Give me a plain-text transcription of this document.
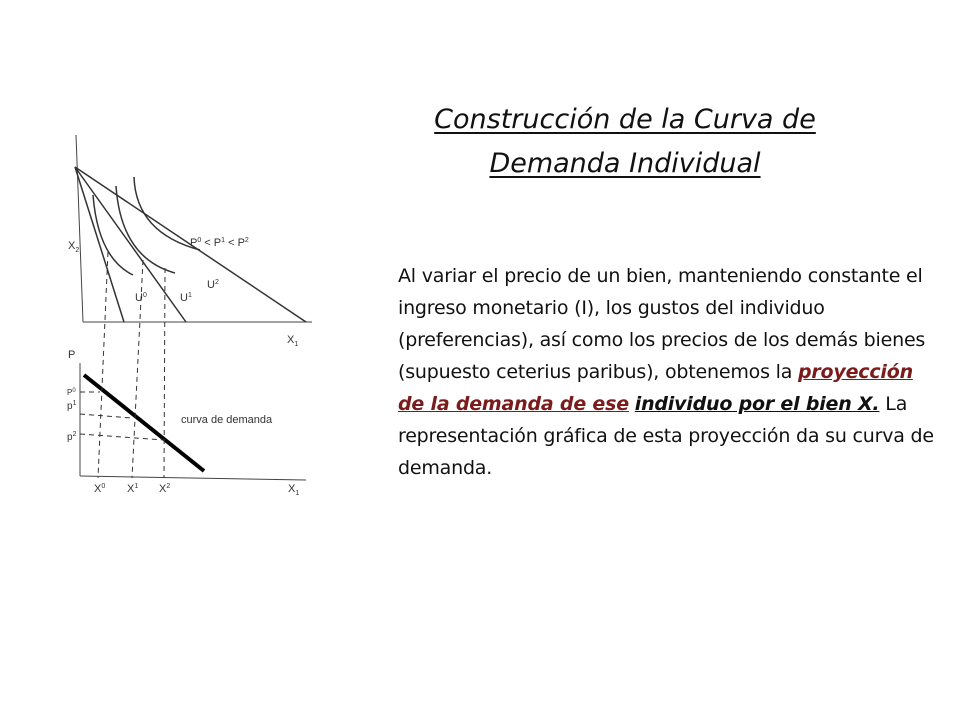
Construcción de la Curva de
Demanda Individual
Al variar el precio de un bien, manteniendo constante el ingreso monetario (I), los gustos del individuo (preferencias), así como los precios de los demás bienes (supuesto ceterius paribus), obtenemos la proyección de la demanda de ese individuo por el bien X. La representación gráfica de esta proyección da su curva de demanda.
$X_2$
$X_1$
$P^0 < P^1 < P^2$
$U^0$	$U^1$
$U^2$
P
$P^0$
$p^1$
$p^2$
$X^0$ $X^1$ $X^2$	$X_1$
curva de demanda
